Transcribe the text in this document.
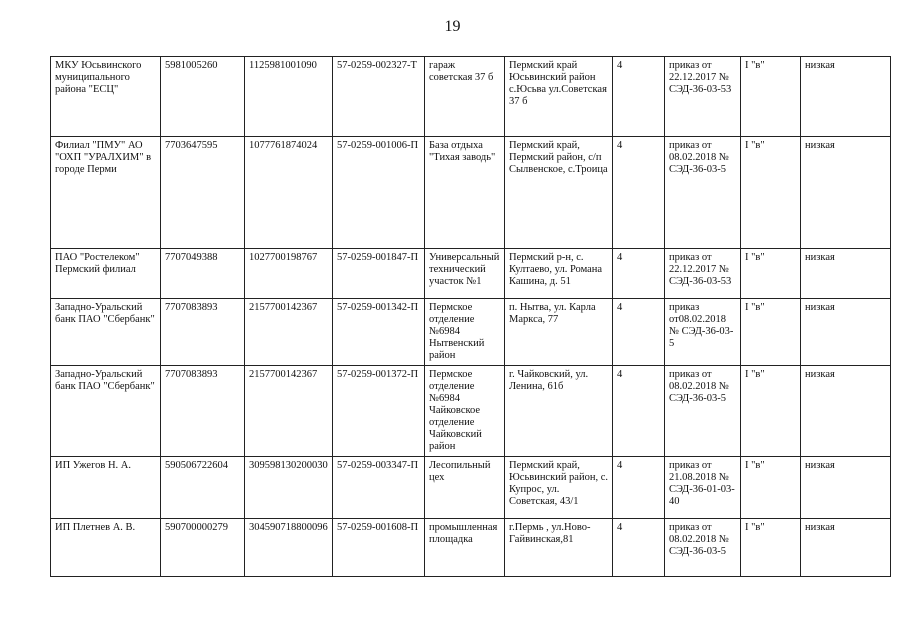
19
МКУ Юсьвинского муниципального района "ЕСЦ"	5981005260	1125981001090	57-0259-002327-Т	гараж советская 37 б	Пермский край Юсьвинский район с.Юсьва ул.Советская 37 б	4	приказ от 22.12.2017 № СЭД-36-03-53	I "в"	низкая
Филиал "ПМУ" АО "ОХП "УРАЛХИМ" в городе Перми	7703647595	1077761874024	57-0259-001006-П	База отдыха "Тихая заводь"	Пермский край, Пермский район, с/п Сылвенское, с.Троица	4	приказ от 08.02.2018 № СЭД-36-03-5	I "в"	низкая
ПАО "Ростелеком" Пермский филиал	7707049388	1027700198767	57-0259-001847-П	Универсальный технический участок №1	Пермский р-н, с. Култаево, ул. Романа Кашина, д. 51	4	приказ от 22.12.2017 № СЭД-36-03-53	I "в"	низкая
Западно-Уральский банк ПАО "Сбербанк"	7707083893	2157700142367	57-0259-001342-П	Пермское отделение №6984 Нытвенский район	п. Нытва, ул. Карла Маркса, 77	4	приказ от08.02.2018 № СЭД-36-03-5	I "в"	низкая
Западно-Уральский банк ПАО "Сбербанк"	7707083893	2157700142367	57-0259-001372-П	Пермское отделение №6984 Чайковское отделение Чайковский район	г. Чайковский, ул. Ленина, 61б	4	приказ от 08.02.2018 № СЭД-36-03-5	I "в"	низкая
ИП Ужегов Н. А.	590506722604	309598130200030	57-0259-003347-П	Лесопильный цех	Пермский край, Юсьвинский район, с. Купрос, ул. Советская, 43/1	4	приказ от 21.08.2018 № СЭД-36-01-03-40	I "в"	низкая
ИП Плетнев А. В.	590700000279	304590718800096	57-0259-001608-П	промышленная площадка	г.Пермь , ул.Ново-Гайвинская,81	4	приказ от 08.02.2018 № СЭД-36-03-5	I "в"	низкая
